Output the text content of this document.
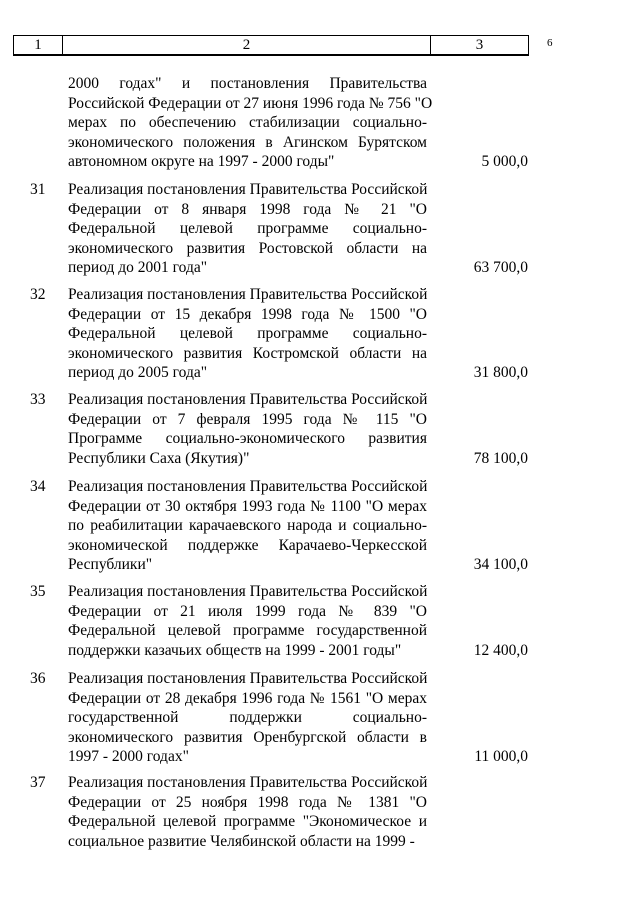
6
1	2	3
2000 годах" и постановления Правительства
Российской Федерации от 27 июня 1996 года № 756 "О
мерах по обеспечению стабилизации социально-
экономического положения в Агинском Бурятском
автономном округе на 1997 - 2000 годы"	5 000,0
31 Реализация постановления Правительства Российской
Федерации от 8 января 1998 года № 21 "О
Федеральной целевой программе социально-
экономического развития Ростовской области на
период до 2001 года"	63 700,0
32 Реализация постановления Правительства Российской
Федерации от 15 декабря 1998 года № 1500 "О
Федеральной целевой программе социально-
экономического развития Костромской области на
период до 2005 года"	31 800,0
33 Реализация постановления Правительства Российской
Федерации от 7 февраля 1995 года № 115 "О
Программе социально-экономического развития
Республики Саха (Якутия)"	78 100,0
34 Реализация постановления Правительства Российской
Федерации от 30 октября 1993 года № 1100 "О мерах
по реабилитации карачаевского народа и социально-
экономической поддержке Карачаево-Черкесской
Республики"	34 100,0
35 Реализация постановления Правительства Российской
Федерации от 21 июля 1999 года № 839 "О
Федеральной целевой программе государственной
поддержки казачьих обществ на 1999 - 2001 годы"	12 400,0
36 Реализация постановления Правительства Российской
Федерации от 28 декабря 1996 года № 1561 "О мерах
государственной поддержки социально-
экономического развития Оренбургской области в
1997 - 2000 годах"	11 000,0
37 Реализация постановления Правительства Российской
Федерации от 25 ноября 1998 года № 1381 "О
Федеральной целевой программе "Экономическое и
социальное развитие Челябинской области на 1999 -
